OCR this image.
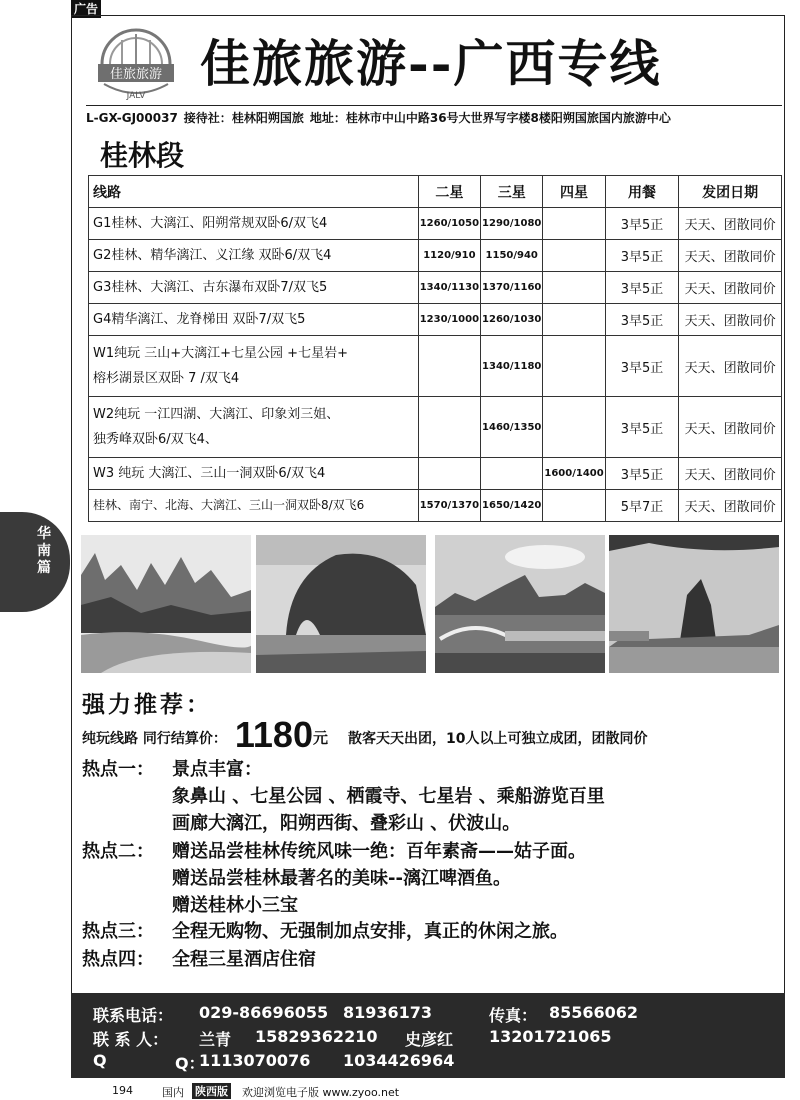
广告
佳旅旅游
JALV
佳旅旅游--广西专线
L-GX-GJ00037 接待社：桂林阳朔国旅 地址：桂林市中山中路36号大世界写字楼8楼阳朔国旅国内旅游中心
桂林段
线路	二星	三星	四星	用餐	发团日期
G1桂林、大漓江、阳朔常规双卧6/双飞4	1260/1050	1290/1080		3早5正	天天、团散同价
G2桂林、精华漓江、义江缘 双卧6/双飞4	1120/910	1150/940		3早5正	天天、团散同价
G3桂林、大漓江、古东瀑布双卧7/双飞5	1340/1130	1370/1160		3早5正	天天、团散同价
G4精华漓江、龙脊梯田 双卧7/双飞5	1230/1000	1260/1030		3早5正	天天、团散同价

W1纯玩 三山+大漓江+七星公园 +七星岩+
榕杉湖景区双卧 7 /双飞4		1340/1180		3早5正	天天、团散同价

W2纯玩 一江四湖、大漓江、印象刘三姐、
独秀峰双卧6/双飞4、		1460/1350		3早5正	天天、团散同价
W3 纯玩 大漓江、三山一洞双卧6/双飞4			1600/1400	3早5正	天天、团散同价
桂林、南宁、北海、大漓江、三山一洞双卧8/双飞6	1570/1370	1650/1420		5早7正	天天、团散同价
华南篇
强力推荐：
纯玩线路 同行结算价： 1180元 散客天天出团，10人以上可独立成团，团散同价
热点一： 景点丰富：
象鼻山 、七星公园 、栖霞寺、七星岩 、乘船游览百里
画廊大漓江，阳朔西街、叠彩山 、伏波山。
热点二： 赠送品尝桂林传统风味一绝：百年素斋——姑子面。
赠送品尝桂林最著名的美味--漓江啤酒鱼。
赠送桂林小三宝
热点三： 全程无购物、无强制加点安排，真正的休闲之旅。
热点四： 全程三星酒店住宿
联系电话： 029-86696055 81936173	传真： 85566062
联 系 人： 兰青 15829362210 史彦红 13201721065
Q	Q：
1113070076 1034426964
194	国内 陕西版 欢迎浏览电子版 www.zyoo.net
